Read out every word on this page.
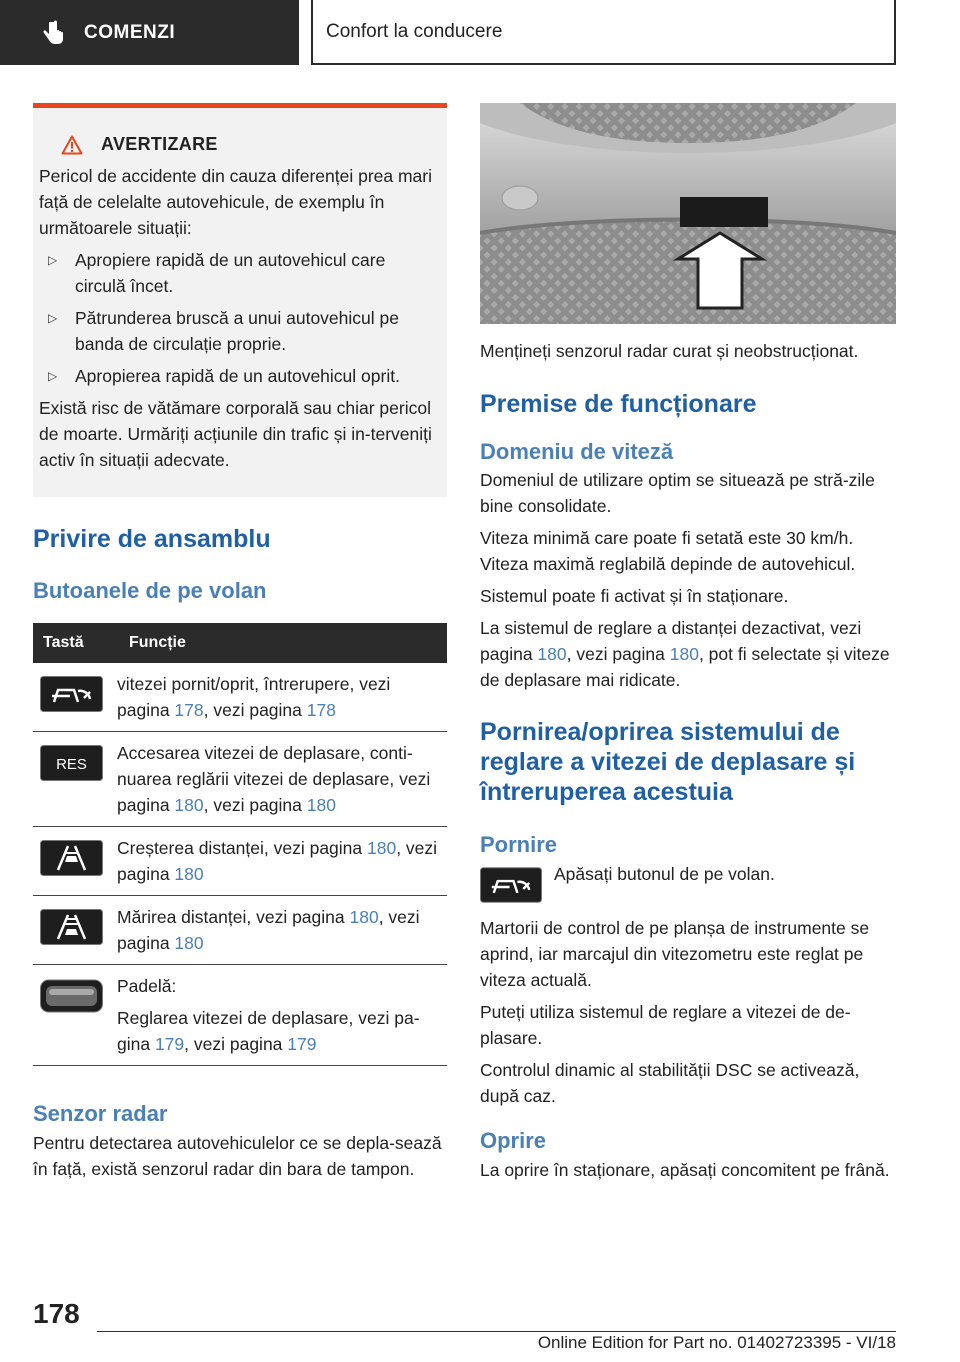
COMENZI	Confort la conducere
AVERTIZARE

Pericol de accidente din cauza diferenței prea mari față de celelalte autovehicule, de exemplu în următoarele situații:

▷	Apropiere rapidă de un autovehicul care circulă încet.

▷	Pătrunderea bruscă a unui autovehicul pe banda de circulație proprie.

▷	Apropierea rapidă de un autovehicul oprit.

Există risc de vătămare corporală sau chiar pericol de moarte. Urmăriți acțiunile din trafic și in-terveniți activ în situații adecvate.

Privire de ansamblu
Butoanele de pe volan
Tastă	Funcție

vitezei pornit/oprit, întrerupere, vezi pagina 178, vezi pagina 178

RES	Accesarea vitezei de deplasare, conti-nuarea reglării vitezei de deplasare, vezi pagina 180, vezi pagina 180

Creșterea distanței, vezi pagina 180, vezi pagina 180

Mărirea distanței, vezi pagina 180, vezi pagina 180

Padelă:

Reglarea vitezei de deplasare, vezi pa-gina 179, vezi pagina 179

Senzor radar

Pentru detectarea autovehiculelor ce se depla-sează în față, există senzorul radar din bara de tampon.

Mențineți senzorul radar curat și neobstrucționat.

Premise de funcționare
Domeniu de viteză

Domeniul de utilizare optim se situează pe stră-zile bine consolidate.

Viteza minimă care poate fi setată este 30 km/h. Viteza maximă reglabilă depinde de autovehicul.

Sistemul poate fi activat și în staționare.

La sistemul de reglare a distanței dezactivat, vezi pagina 180, vezi pagina 180, pot fi selectate și viteze de deplasare mai ridicate.

Pornirea/oprirea sistemului de reglare a vitezei de deplasare și întreruperea acestuia
Pornire

Apăsați butonul de pe volan.

Martorii de control de pe planșa de instrumente se aprind, iar marcajul din vitezometru este reglat pe viteza actuală.

Puteți utiliza sistemul de reglare a vitezei de de-plasare.

Controlul dinamic al stabilității DSC se activează, după caz.

Oprire

La oprire în staționare, apăsați concomitent pe frână.

178
Online Edition for Part no. 01402723395 - VI/18
